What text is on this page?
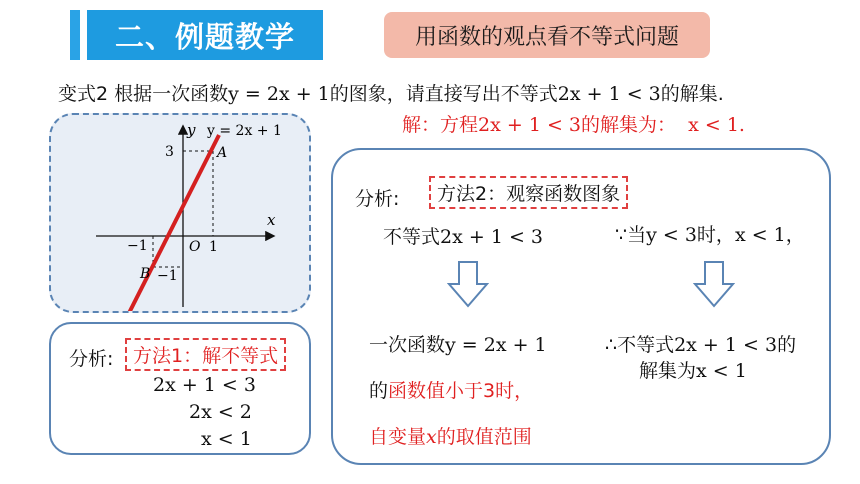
二、例题教学	用函数的观点看不等式问题
变式2 根据一次函数y = 2x + 1的图象，请直接写出不等式2x + 1 < 3的解集.
解：方程2x + 1 < 3的解集为： x < 1.
y y = 2x + 1
x
3	A
−1	O 1
B −1
分析:	方法1：解不等式
2x + 1 < 3
2x < 2
x < 1
分析:	方法2：观察函数图象
不等式2x + 1 < 3	∵当y < 3时，x < 1，
一次函数y = 2x + 1
的函数值小于3时，
自变量x的取值范围
∴不等式2x + 1 < 3的
解集为x < 1
